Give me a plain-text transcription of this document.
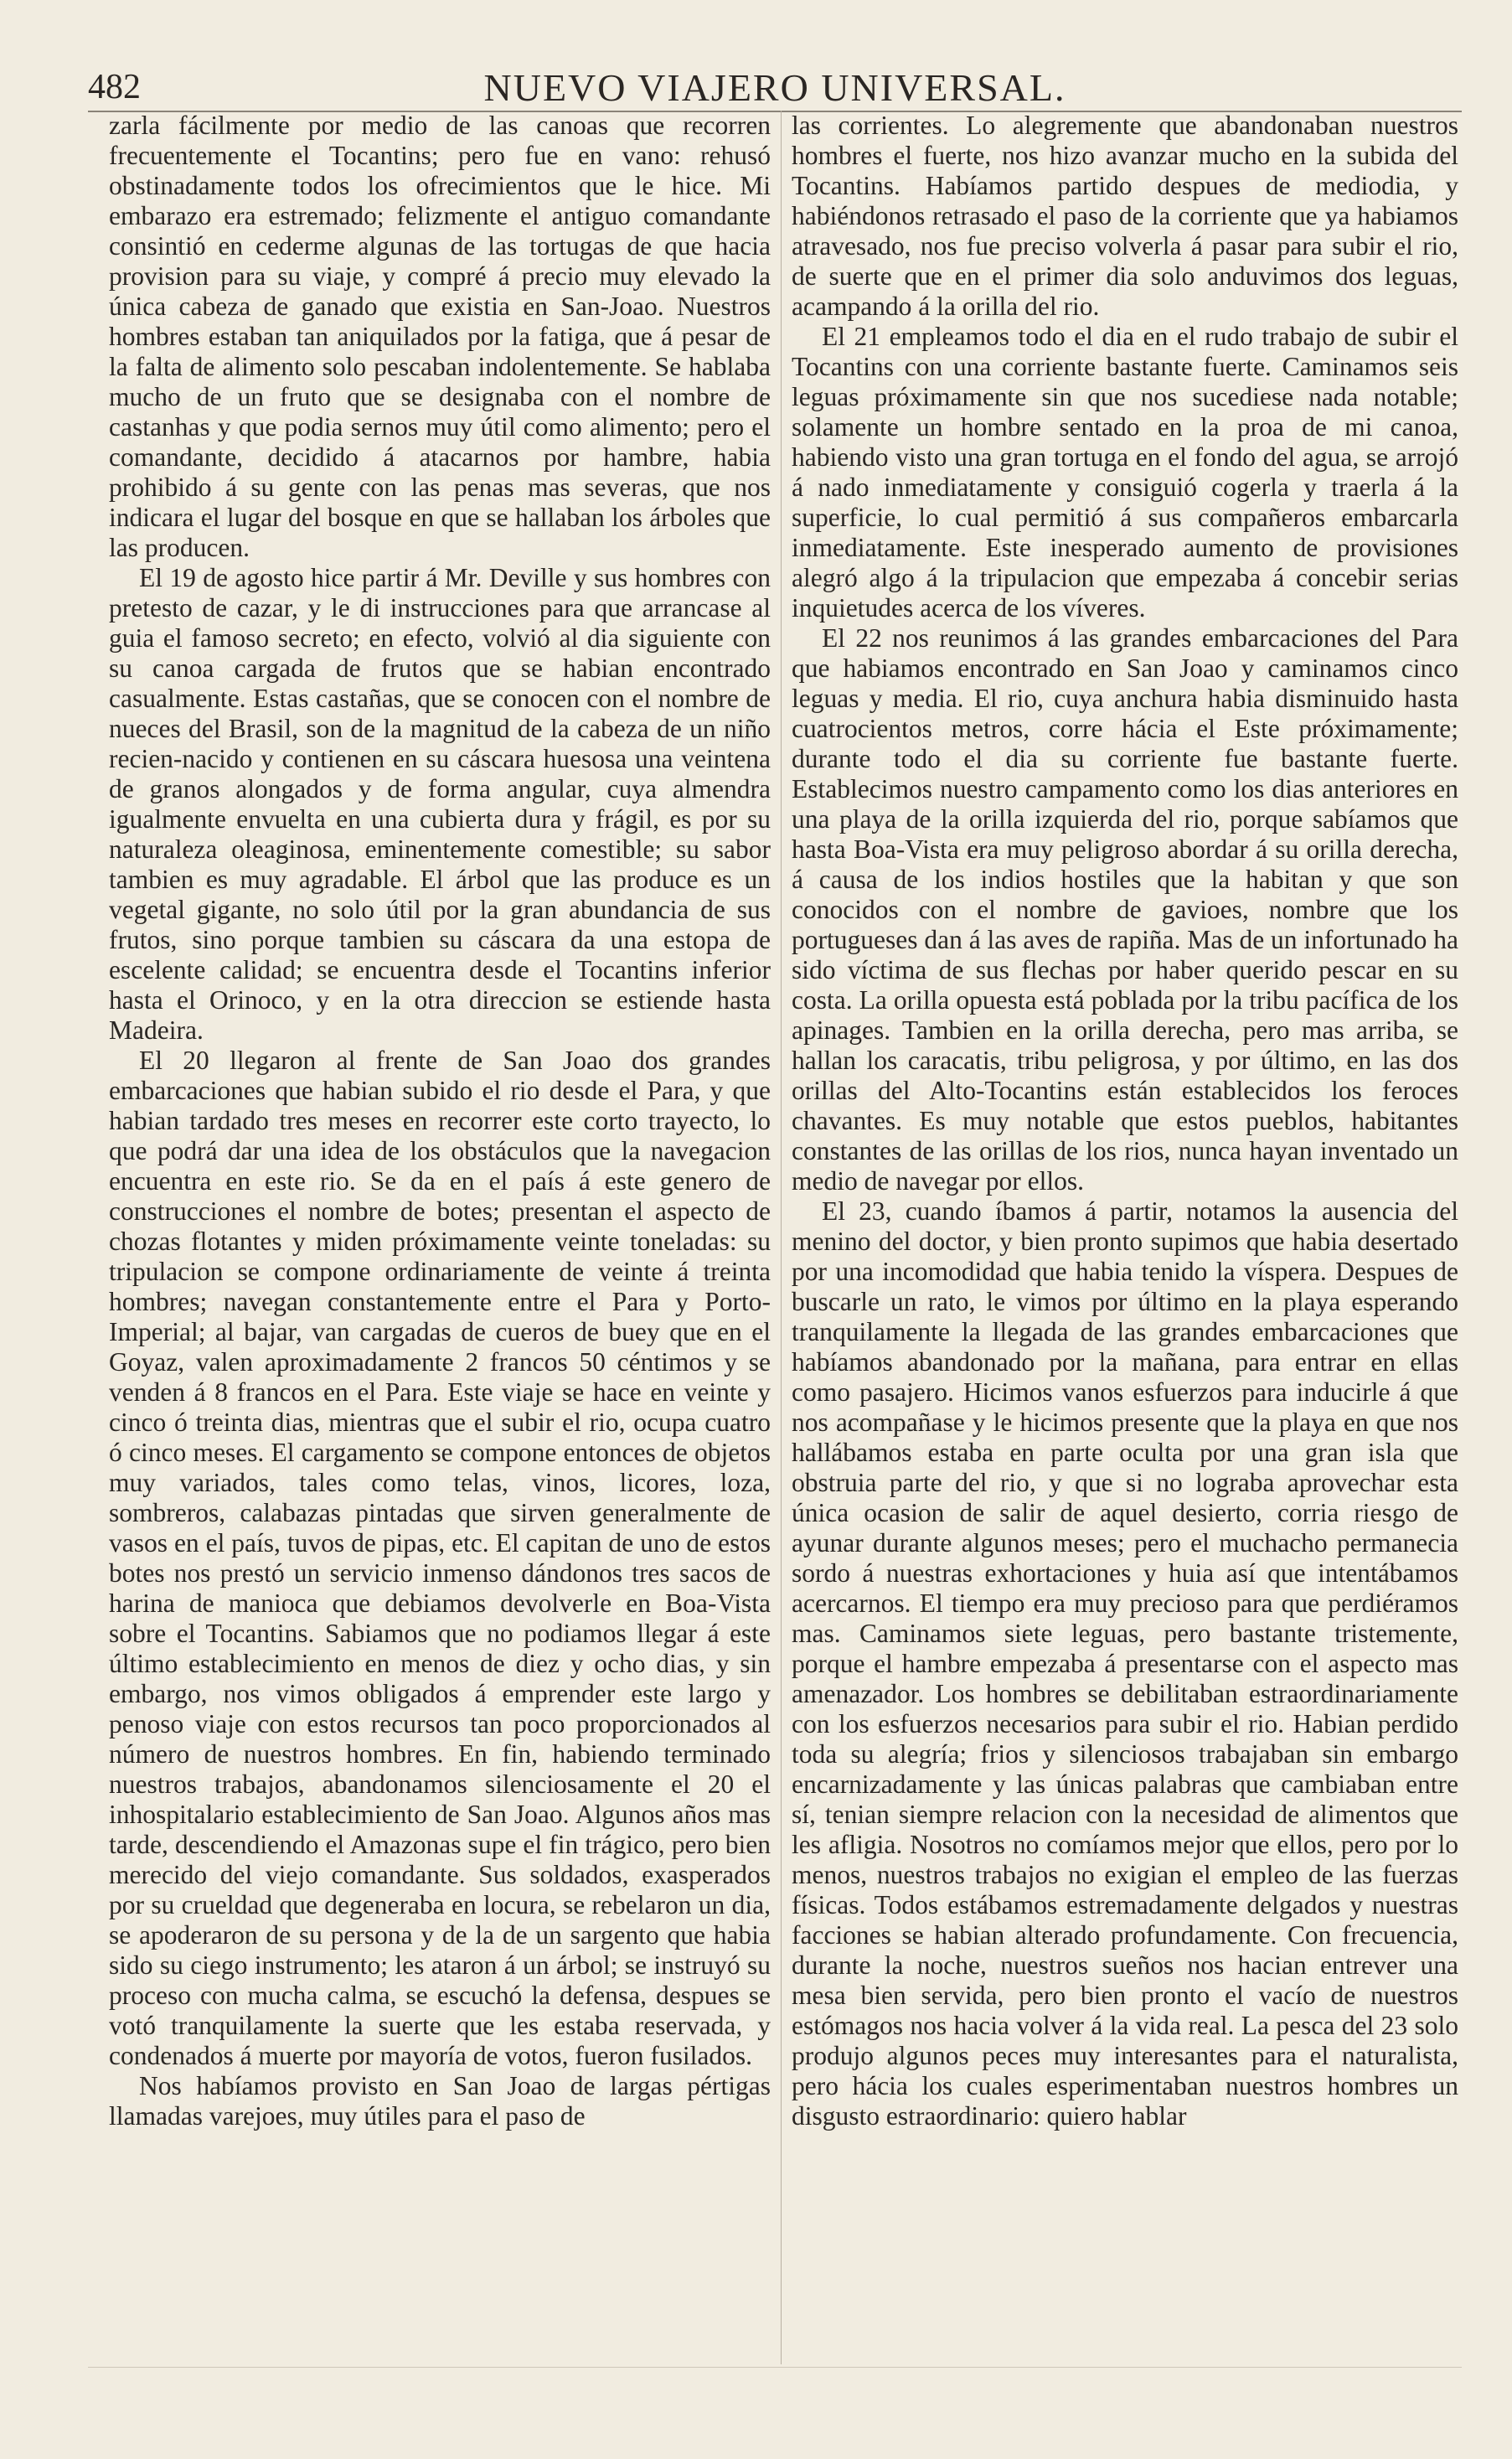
482	NUEVO VIAJERO UNIVERSAL.

zarla fácilmente por medio de las canoas que recorren frecuentemente el Tocantins; pero fue en vano: rehusó obstinadamente todos los ofrecimientos que le hice. Mi embarazo era estremado; felizmente el antiguo comandante consintió en cederme algunas de las tortugas de que hacia provision para su viaje, y compré á precio muy elevado la única cabeza de ganado que existia en San-Joao. Nuestros hombres estaban tan aniquilados por la fatiga, que á pesar de la falta de alimento solo pescaban indolentemente. Se hablaba mucho de un fruto que se designaba con el nombre de castanhas y que podia sernos muy útil como alimento; pero el comandante, decidido á atacarnos por hambre, habia prohibido á su gente con las penas mas severas, que nos indicara el lugar del bosque en que se hallaban los árboles que las producen.

El 19 de agosto hice partir á Mr. Deville y sus hombres con pretesto de cazar, y le di instrucciones para que arrancase al guia el famoso secreto; en efecto, volvió al dia siguiente con su canoa cargada de frutos que se habian encontrado casualmente. Estas castañas, que se conocen con el nombre de nueces del Brasil, son de la magnitud de la cabeza de un niño recien-nacido y contienen en su cáscara huesosa una veintena de granos alongados y de forma angular, cuya almendra igualmente envuelta en una cubierta dura y frágil, es por su naturaleza oleaginosa, eminentemente comestible; su sabor tambien es muy agradable. El árbol que las produce es un vegetal gigante, no solo útil por la gran abundancia de sus frutos, sino porque tambien su cáscara da una estopa de escelente calidad; se encuentra desde el Tocantins inferior hasta el Orinoco, y en la otra direccion se estiende hasta Madeira.

El 20 llegaron al frente de San Joao dos grandes embarcaciones que habian subido el rio desde el Para, y que habian tardado tres meses en recorrer este corto trayecto, lo que podrá dar una idea de los obstáculos que la navegacion encuentra en este rio. Se da en el país á este genero de construcciones el nombre de botes; presentan el aspecto de chozas flotantes y miden próximamente veinte toneladas: su tripulacion se compone ordinariamente de veinte á treinta hombres; navegan constantemente entre el Para y Porto-Imperial; al bajar, van cargadas de cueros de buey que en el Goyaz, valen aproximadamente 2 francos 50 céntimos y se venden á 8 francos en el Para. Este viaje se hace en veinte y cinco ó treinta dias, mientras que el subir el rio, ocupa cuatro ó cinco meses. El cargamento se compone entonces de objetos muy variados, tales como telas, vinos, licores, loza, sombreros, calabazas pintadas que sirven generalmente de vasos en el país, tuvos de pipas, etc. El capitan de uno de estos botes nos prestó un servicio inmenso dándonos tres sacos de harina de manioca que debiamos devolverle en Boa-Vista sobre el Tocantins. Sabiamos que no podiamos llegar á este último establecimiento en menos de diez y ocho dias, y sin embargo, nos vimos obligados á emprender este largo y penoso viaje con estos recursos tan poco proporcionados al número de nuestros hombres. En fin, habiendo terminado nuestros trabajos, abandonamos silenciosamente el 20 el inhospitalario establecimiento de San Joao. Algunos años mas tarde, descendiendo el Amazonas supe el fin trágico, pero bien merecido del viejo comandante. Sus soldados, exasperados por su crueldad que degeneraba en locura, se rebelaron un dia, se apoderaron de su persona y de la de un sargento que habia sido su ciego instrumento; les ataron á un árbol; se instruyó su proceso con mucha calma, se escuchó la defensa, despues se votó tranquilamente la suerte que les estaba reservada, y condenados á muerte por mayoría de votos, fueron fusilados.

Nos habíamos provisto en San Joao de largas pértigas llamadas varejoes, muy útiles para el paso de

las corrientes. Lo alegremente que abandonaban nuestros hombres el fuerte, nos hizo avanzar mucho en la subida del Tocantins. Habíamos partido despues de mediodia, y habiéndonos retrasado el paso de la corriente que ya habiamos atravesado, nos fue preciso volverla á pasar para subir el rio, de suerte que en el primer dia solo anduvimos dos leguas, acampando á la orilla del rio.

El 21 empleamos todo el dia en el rudo trabajo de subir el Tocantins con una corriente bastante fuerte. Caminamos seis leguas próximamente sin que nos sucediese nada notable; solamente un hombre sentado en la proa de mi canoa, habiendo visto una gran tortuga en el fondo del agua, se arrojó á nado inmediatamente y consiguió cogerla y traerla á la superficie, lo cual permitió á sus compañeros embarcarla inmediatamente. Este inesperado aumento de provisiones alegró algo á la tripulacion que empezaba á concebir serias inquietudes acerca de los víveres.

El 22 nos reunimos á las grandes embarcaciones del Para que habiamos encontrado en San Joao y caminamos cinco leguas y media. El rio, cuya anchura habia disminuido hasta cuatrocientos metros, corre hácia el Este próximamente; durante todo el dia su corriente fue bastante fuerte. Establecimos nuestro campamento como los dias anteriores en una playa de la orilla izquierda del rio, porque sabíamos que hasta Boa-Vista era muy peligroso abordar á su orilla derecha, á causa de los indios hostiles que la habitan y que son conocidos con el nombre de gavioes, nombre que los portugueses dan á las aves de rapiña. Mas de un infortunado ha sido víctima de sus flechas por haber querido pescar en su costa. La orilla opuesta está poblada por la tribu pacífica de los apinages. Tambien en la orilla derecha, pero mas arriba, se hallan los caracatis, tribu peligrosa, y por último, en las dos orillas del Alto-Tocantins están establecidos los feroces chavantes. Es muy notable que estos pueblos, habitantes constantes de las orillas de los rios, nunca hayan inventado un medio de navegar por ellos.

El 23, cuando íbamos á partir, notamos la ausencia del menino del doctor, y bien pronto supimos que habia desertado por una incomodidad que habia tenido la víspera. Despues de buscarle un rato, le vimos por último en la playa esperando tranquilamente la llegada de las grandes embarcaciones que habíamos abandonado por la mañana, para entrar en ellas como pasajero. Hicimos vanos esfuerzos para inducirle á que nos acompañase y le hicimos presente que la playa en que nos hallábamos estaba en parte oculta por una gran isla que obstruia parte del rio, y que si no lograba aprovechar esta única ocasion de salir de aquel desierto, corria riesgo de ayunar durante algunos meses; pero el muchacho permanecia sordo á nuestras exhortaciones y huia así que intentábamos acercarnos. El tiempo era muy precioso para que perdiéramos mas. Caminamos siete leguas, pero bastante tristemente, porque el hambre empezaba á presentarse con el aspecto mas amenazador. Los hombres se debilitaban estraordinariamente con los esfuerzos necesarios para subir el rio. Habian perdido toda su alegría; frios y silenciosos trabajaban sin embargo encarnizadamente y las únicas palabras que cambiaban entre sí, tenian siempre relacion con la necesidad de alimentos que les afligia. Nosotros no comíamos mejor que ellos, pero por lo menos, nuestros trabajos no exigian el empleo de las fuerzas físicas. Todos estábamos estremadamente delgados y nuestras facciones se habian alterado profundamente. Con frecuencia, durante la noche, nuestros sueños nos hacian entrever una mesa bien servida, pero bien pronto el vacío de nuestros estómagos nos hacia volver á la vida real. La pesca del 23 solo produjo algunos peces muy interesantes para el naturalista, pero hácia los cuales esperimentaban nuestros hombres un disgusto estraordinario: quiero hablar
